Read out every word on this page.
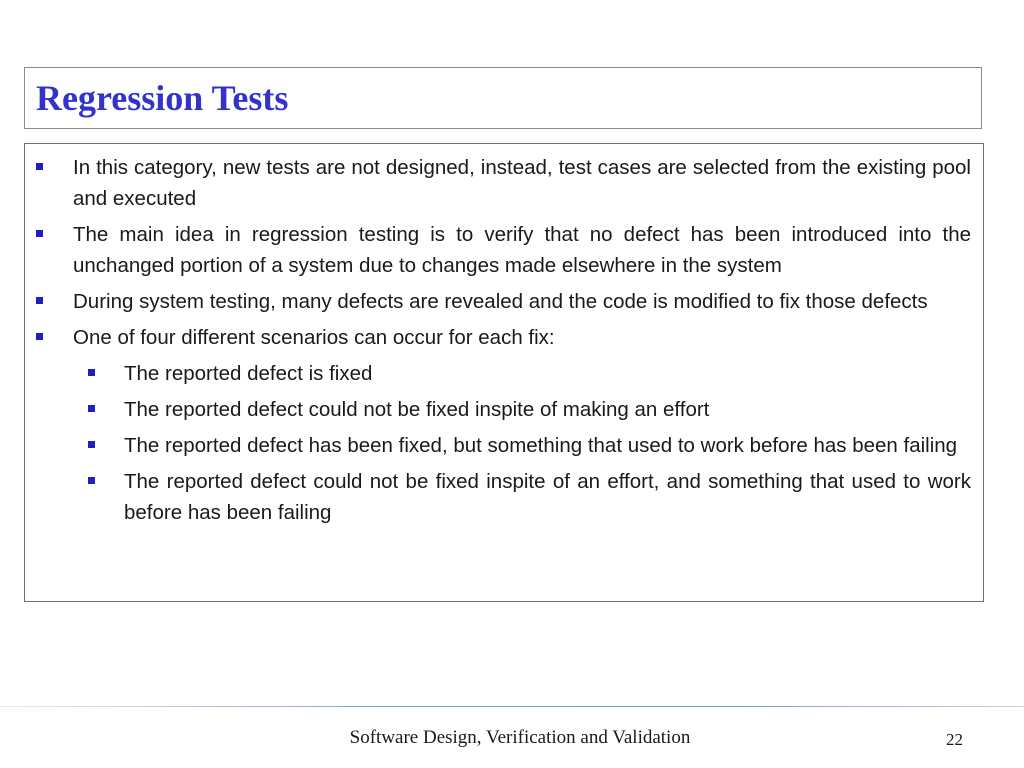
Regression Tests
In this category, new tests are not designed, instead, test cases are selected from the existing pool and executed
The main idea in regression testing is to verify that no defect has been introduced into the unchanged portion of a system due to changes made elsewhere in the system
During system testing, many defects are revealed and the code is modified to fix those defects
One of four different scenarios can occur for each fix:
The reported defect is fixed
The reported defect could not be fixed inspite of making an effort
The reported defect has been fixed, but something that used to work before has been failing
The reported defect could not be fixed inspite of an effort, and something that used to work before has been failing
Software Design, Verification and Validation	22
